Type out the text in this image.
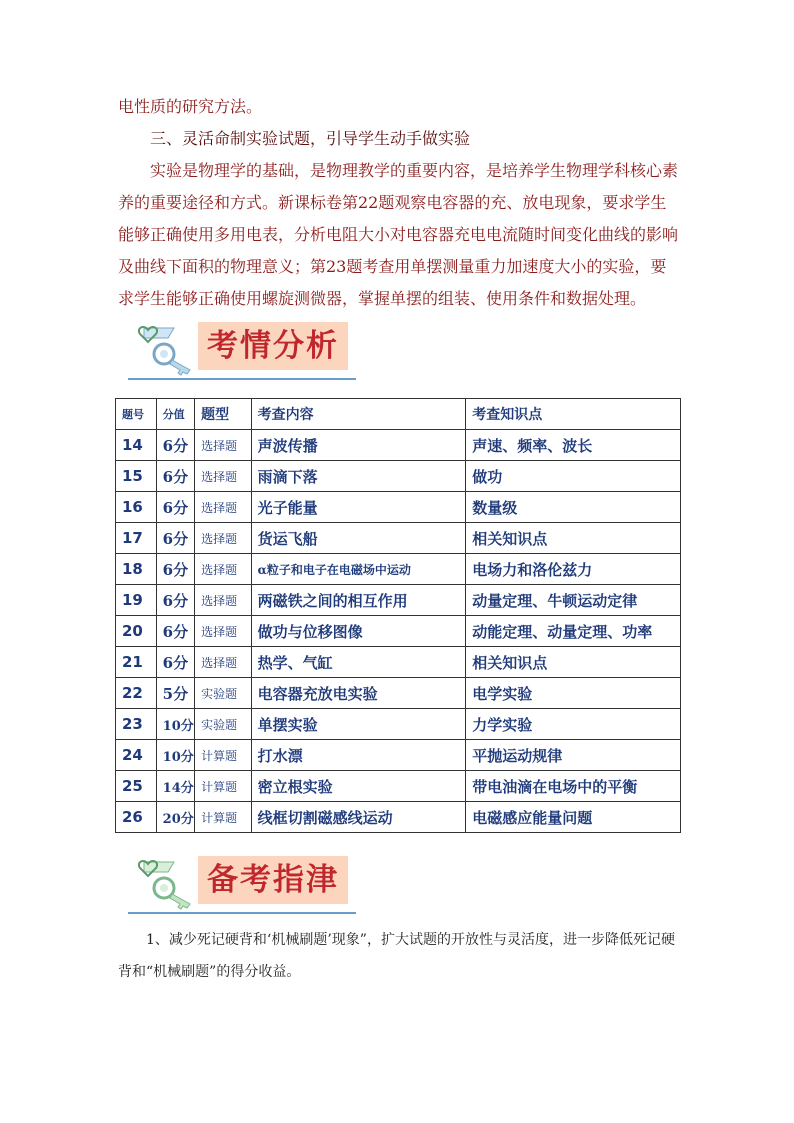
电性质的研究方法。
三、灵活命制实验试题，引导学生动手做实验
实验是物理学的基础，是物理教学的重要内容，是培养学生物理学科核心素养的重要途径和方式。新课标卷第22题观察电容器的充、放电现象，要求学生能够正确使用多用电表，分析电阻大小对电容器充电电流随时间变化曲线的影响及曲线下面积的物理意义；第23题考查用单摆测量重力加速度大小的实验，要求学生能够正确使用螺旋测微器，掌握单摆的组装、使用条件和数据处理。
考情分析
题号	分值	题型	考查内容	考查知识点
14	6分	选择题	声波传播	声速、频率、波长
15	6分	选择题	雨滴下落	做功
16	6分	选择题	光子能量	数量级
17	6分	选择题	货运飞船	相关知识点
18	6分	选择题	α粒子和电子在电磁场中运动	电场力和洛伦兹力
19	6分	选择题	两磁铁之间的相互作用	动量定理、牛顿运动定律
20	6分	选择题	做功与位移图像	动能定理、动量定理、功率
21	6分	选择题	热学、气缸	相关知识点
22	5分	实验题	电容器充放电实验	电学实验
23	10分	实验题	单摆实验	力学实验
24	10分	计算题	打水漂	平抛运动规律
25	14分	计算题	密立根实验	带电油滴在电场中的平衡
26	20分	计算题	线框切割磁感线运动	电磁感应能量问题
备考指津
1、减少死记硬背和‘机械刷题’现象”，扩大试题的开放性与灵活度，进一步降低死记硬背和“机械刷题”的得分收益。
